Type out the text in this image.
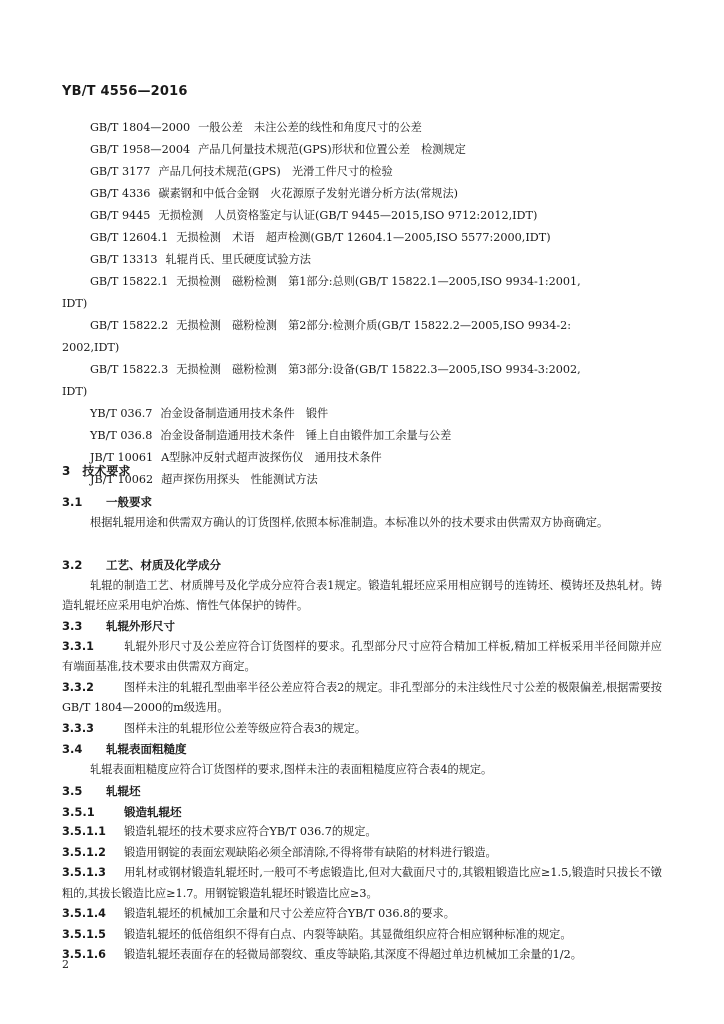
YB/T 4556—2016
GB/T 1804—2000 一般公差　未注公差的线性和角度尺寸的公差
GB/T 1958—2004 产品几何量技术规范(GPS)形状和位置公差　检测规定
GB/T 3177 产品几何技术规范(GPS)　光滑工件尺寸的检验
GB/T 4336 碳素钢和中低合金钢　火花源原子发射光谱分析方法(常规法)
GB/T 9445 无损检测　人员资格鉴定与认证(GB/T 9445—2015,ISO 9712:2012,IDT)
GB/T 12604.1 无损检测　术语　超声检测(GB/T 12604.1—2005,ISO 5577:2000,IDT)
GB/T 13313 轧辊肖氏、里氏硬度试验方法
GB/T 15822.1 无损检测　磁粉检测　第1部分:总则(GB/T 15822.1—2005,ISO 9934-1:2001,
IDT)
GB/T 15822.2 无损检测　磁粉检测　第2部分:检测介质(GB/T 15822.2—2005,ISO 9934-2:
2002,IDT)
GB/T 15822.3 无损检测　磁粉检测　第3部分:设备(GB/T 15822.3—2005,ISO 9934-3:2002,
IDT)
YB/T 036.7 冶金设备制造通用技术条件　锻件
YB/T 036.8 冶金设备制造通用技术条件　锤上自由锻件加工余量与公差
JB/T 10061 A型脉冲反射式超声波探伤仪　通用技术条件
JB/T 10062 超声探伤用探头　性能测试方法
3　技术要求
3.1 一般要求
根据轧辊用途和供需双方确认的订货图样,依照本标准制造。本标准以外的技术要求由供需双方协商确定。
3.2 工艺、材质及化学成分
轧辊的制造工艺、材质牌号及化学成分应符合表1规定。锻造轧辊坯应采用相应钢号的连铸坯、模铸坯及热轧材。铸造轧辊坯应采用电炉冶炼、惰性气体保护的铸件。
3.3 轧辊外形尺寸
3.3.1	轧辊外形尺寸及公差应符合订货图样的要求。孔型部分尺寸应符合精加工样板,精加工样板采用半径间隙并应有端面基准,技术要求由供需双方商定。
3.3.2	图样未注的轧辊孔型曲率半径公差应符合表2的规定。非孔型部分的未注线性尺寸公差的极限偏差,根据需要按GB/T 1804—2000的m级选用。
3.3.3	图样未注的轧辊形位公差等级应符合表3的规定。
3.4 轧辊表面粗糙度
轧辊表面粗糙度应符合订货图样的要求,图样未注的表面粗糙度应符合表4的规定。
3.5 轧辊坯
3.5.1	锻造轧辊坯
3.5.1.1 锻造轧辊坯的技术要求应符合YB/T 036.7的规定。
3.5.1.2 锻造用钢锭的表面宏观缺陷必须全部清除,不得将带有缺陷的材料进行锻造。
3.5.1.3 用轧材或钢材锻造轧辊坯时,一般可不考虑锻造比,但对大截面尺寸的,其锻粗锻造比应≥1.5,锻造时只拔长不镦粗的,其拔长锻造比应≥1.7。用钢锭锻造轧辊坯时锻造比应≥3。
3.5.1.4 锻造轧辊坯的机械加工余量和尺寸公差应符合YB/T 036.8的要求。
3.5.1.5 锻造轧辊坯的低倍组织不得有白点、内裂等缺陷。其显微组织应符合相应钢种标准的规定。
3.5.1.6 锻造轧辊坯表面存在的轻微局部裂纹、重皮等缺陷,其深度不得超过单边机械加工余量的1/2。
2
